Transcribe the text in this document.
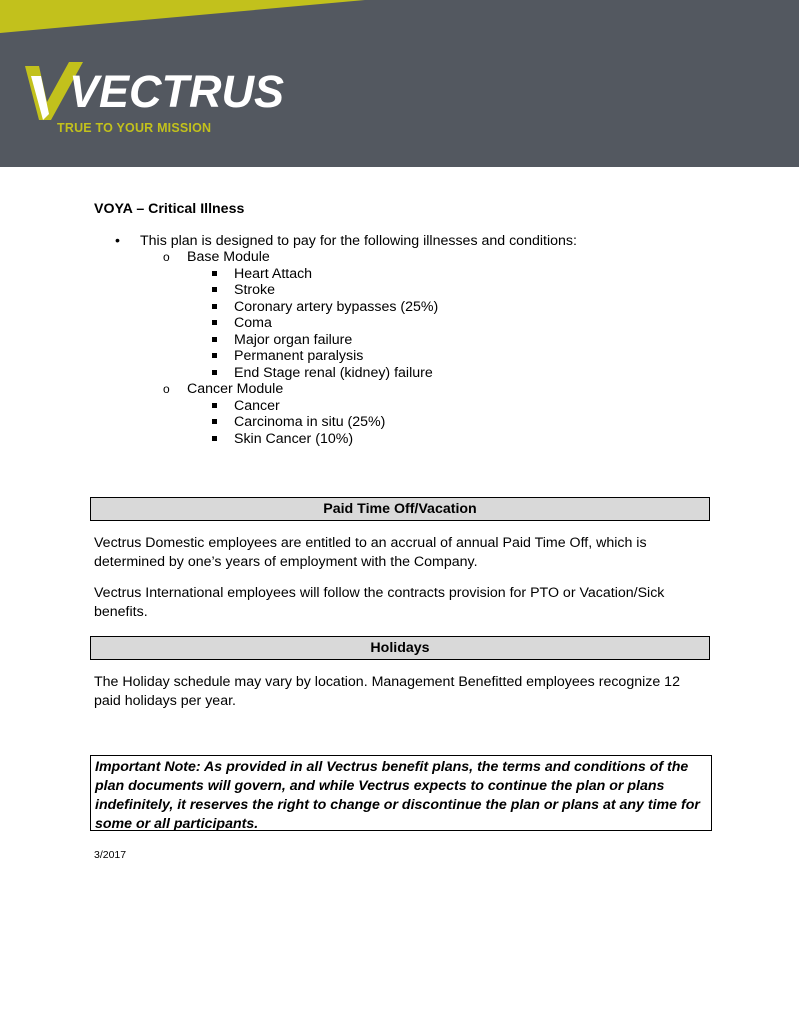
VECTRUS
TRUE TO YOUR MISSION
VOYA – Critical Illness
• This plan is designed to pay for the following illnesses and conditions:
o Base Module
Heart Attach
Stroke
Coronary artery bypasses (25%)
Coma
Major organ failure
Permanent paralysis
End Stage renal (kidney) failure
o Cancer Module
Cancer
Carcinoma in situ (25%)
Skin Cancer (10%)
Paid Time Off/Vacation
Vectrus Domestic employees are entitled to an accrual of annual Paid Time Off, which is determined by one’s years of employment with the Company.
Vectrus International employees will follow the contracts provision for PTO or Vacation/Sick benefits.
Holidays
The Holiday schedule may vary by location. Management Benefitted employees recognize 12 paid holidays per year.
Important Note: As provided in all Vectrus benefit plans, the terms and conditions of the plan documents will govern, and while Vectrus expects to continue the plan or plans indefinitely, it reserves the right to change or discontinue the plan or plans at any time for some or all participants.
3/2017
